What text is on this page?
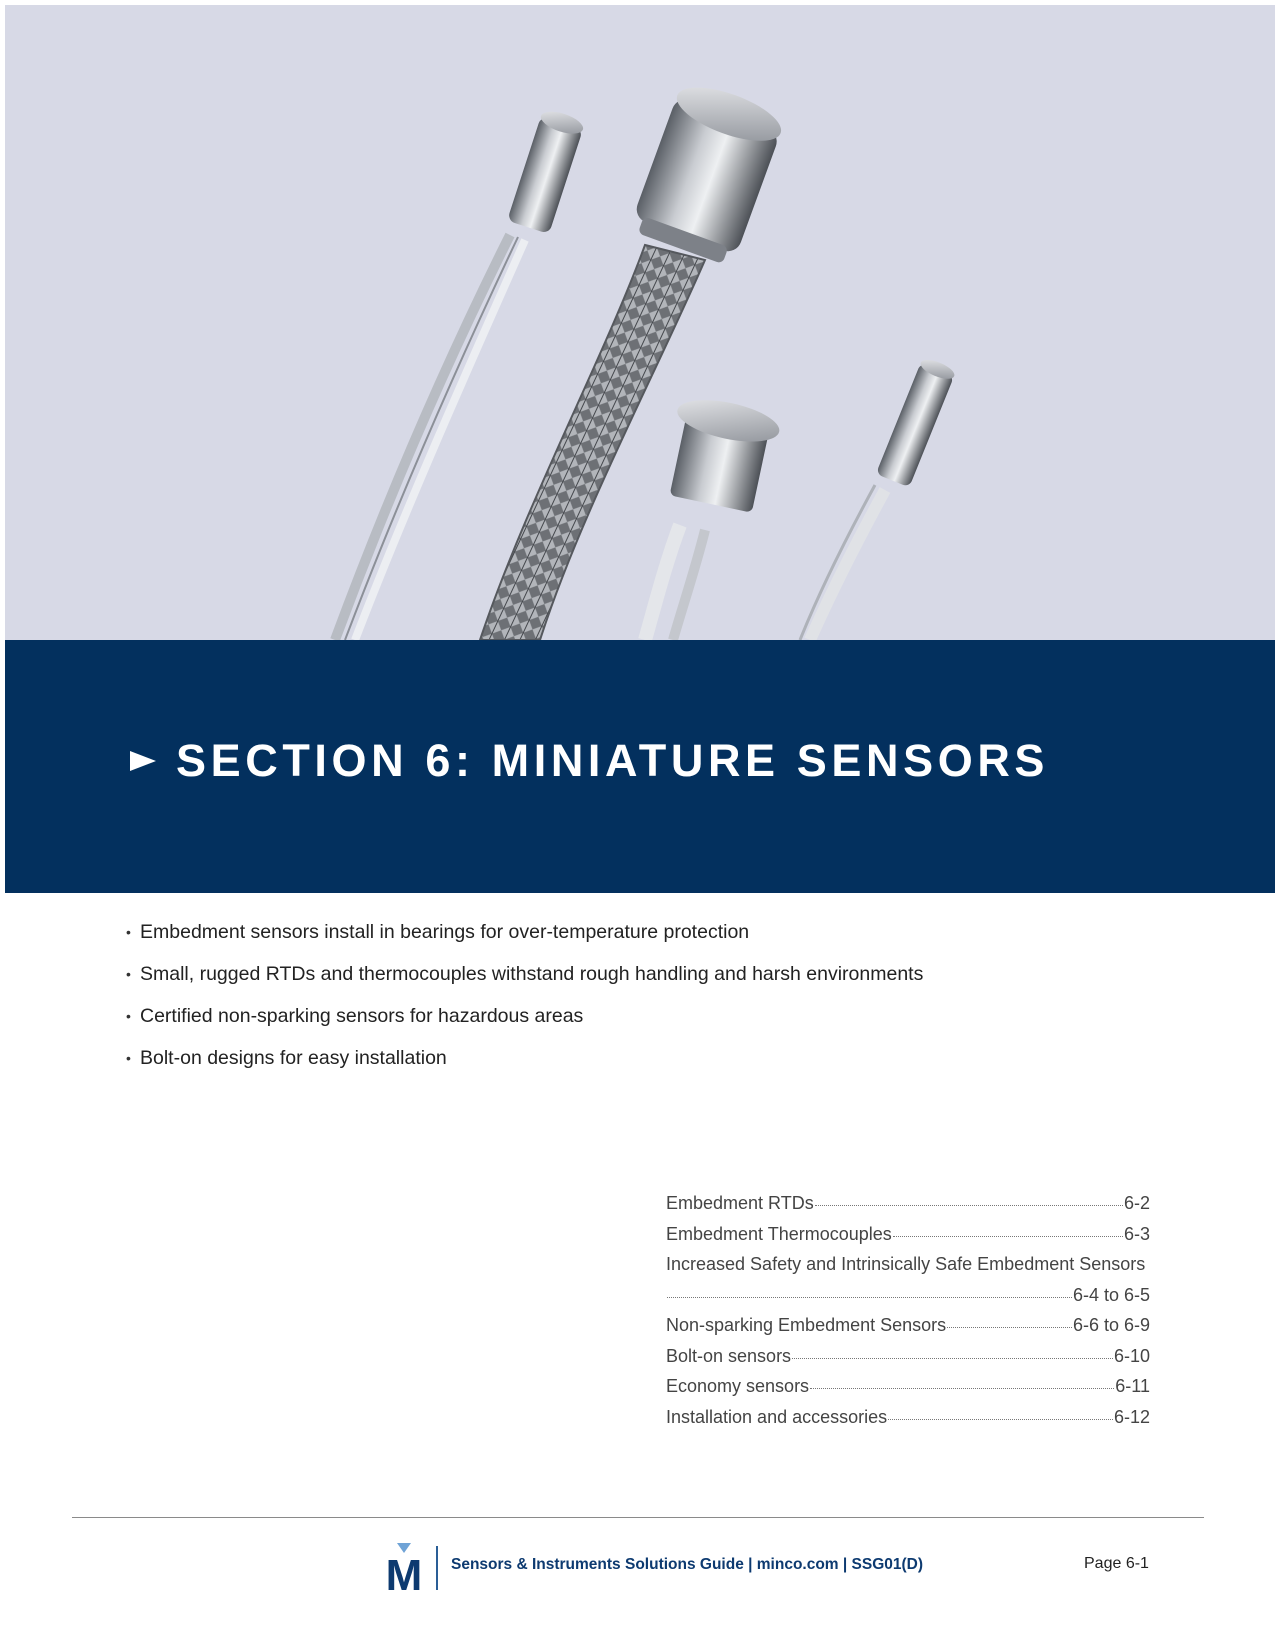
SECTION 6: MINIATURE SENSORS
• Embedment sensors install in bearings for over-temperature protection
• Small, rugged RTDs and thermocouples withstand rough handling and harsh environments
• Certified non-sparking sensors for hazardous areas
• Bolt-on designs for easy installation
Embedment RTDs	6-2
Embedment Thermocouples	6-3
Increased Safety and Intrinsically Safe Embedment Sensors
6-4 to 6-5
Non-sparking Embedment Sensors	6-6 to 6-9
Bolt-on sensors	6-10
Economy sensors	6-11
Installation and accessories	6-12
M Sensors & Instruments Solutions Guide | minco.com | SSG01(D)	Page 6-1
